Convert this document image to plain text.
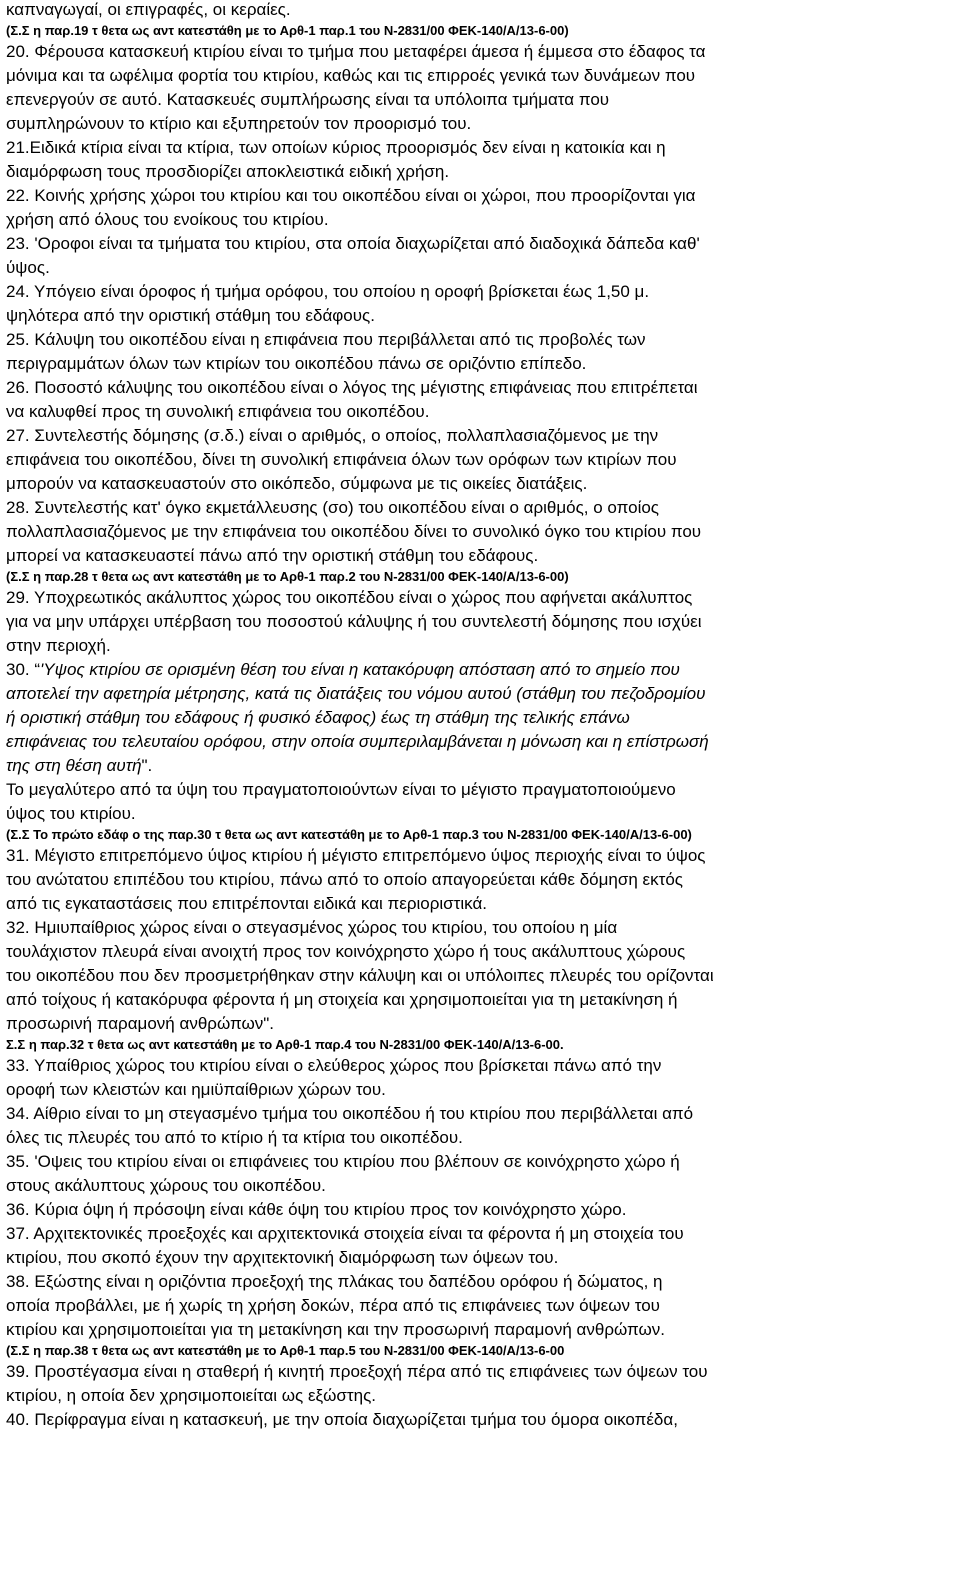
καπναγωγαί, οι επιγραφές, οι κεραίες.
(Σ.Σ η παρ.19 τ θετα ως αντ κατεστάθη με το Αρθ-1 παρ.1 του Ν-2831/00 ΦΕΚ-140/Α/13-6-00)
20. Φέρουσα κατασκευή κτιρίου είναι το τμήμα που μεταφέρει άμεσα ή έμμεσα στο έδαφος τα
μόνιμα και τα ωφέλιμα φορτία του κτιρίου, καθώς και τις επιρροές γενικά των δυνάμεων που
επενεργούν σε αυτό. Κατασκευές συμπλήρωσης είναι τα υπόλοιπα τμήματα που
συμπληρώνουν το κτίριο και εξυπηρετούν τον προορισμό του.
21.Ειδικά κτίρια είναι τα κτίρια, των οποίων κύριος προορισμός δεν είναι η κατοικία και η
διαμόρφωση τους προσδιορίζει αποκλειστικά ειδική χρήση.
22. Κοινής χρήσης χώροι του κτιρίου και του οικοπέδου είναι οι χώροι, που προορίζονται για
χρήση από όλους του ενοίκους του κτιρίου.
23. 'Οροφοι είναι τα τμήματα του κτιρίου, στα οποία διαχωρίζεται από διαδοχικά δάπεδα καθ'
ύψος.
24. Υπόγειο είναι όροφος ή τμήμα ορόφου, του οποίου η οροφή βρίσκεται έως 1,50 μ.
ψηλότερα από την οριστική στάθμη του εδάφους.
25. Κάλυψη του οικοπέδου είναι η επιφάνεια που περιβάλλεται από τις προβολές των
περιγραμμάτων όλων των κτιρίων του οικοπέδου πάνω σε οριζόντιο επίπεδο.
26. Ποσοστό κάλυψης του οικοπέδου είναι ο λόγος της μέγιστης επιφάνειας που επιτρέπεται
να καλυφθεί προς τη συνολική επιφάνεια του οικοπέδου.
27. Συντελεστής δόμησης (σ.δ.) είναι ο αριθμός, ο οποίος, πολλαπλασιαζόμενος με την
επιφάνεια του οικοπέδου, δίνει τη συνολική επιφάνεια όλων των ορόφων των κτιρίων που
μπορούν να κατασκευαστούν στο οικόπεδο, σύμφωνα με τις οικείες διατάξεις.
28. Συντελεστής κατ' όγκο εκμετάλλευσης (σο) του οικοπέδου είναι ο αριθμός, ο οποίος
πολλαπλασιαζόμενος με την επιφάνεια του οικοπέδου δίνει το συνολικό όγκο του κτιρίου που
μπορεί να κατασκευαστεί πάνω από την οριστική στάθμη του εδάφους.
(Σ.Σ η παρ.28 τ θετα ως αντ κατεστάθη με το Αρθ-1 παρ.2 του Ν-2831/00 ΦΕΚ-140/Α/13-6-00)
29. Υποχρεωτικός ακάλυπτος χώρος του οικοπέδου είναι ο χώρος που αφήνεται ακάλυπτος
για να μην υπάρχει υπέρβαση του ποσοστού κάλυψης ή του συντελεστή δόμησης που ισχύει
στην περιοχή.
30. “'Υψος κτιρίου σε ορισμένη θέση του είναι η κατακόρυφη απόσταση από το σημείο που
αποτελεί την αφετηρία μέτρησης, κατά τις διατάξεις του νόμου αυτού (στάθμη του πεζοδρομίου
ή οριστική στάθμη του εδάφους ή φυσικό έδαφος) έως τη στάθμη της τελικής επάνω
επιφάνειας του τελευταίου ορόφου, στην οποία συμπεριλαμβάνεται η μόνωση και η επίστρωσή
της στη θέση αυτή".
Το μεγαλύτερο από τα ύψη του πραγματοποιούντων είναι το μέγιστο πραγματοποιούμενο
ύψος του κτιρίου.
(Σ.Σ Το πρώτο εδάφ ο της παρ.30 τ θετα ως αντ κατεστάθη με το Αρθ-1 παρ.3 του Ν-2831/00 ΦΕΚ-140/Α/13-6-00)
31. Μέγιστο επιτρεπόμενο ύψος κτιρίου ή μέγιστο επιτρεπόμενο ύψος περιοχής είναι το ύψος
του ανώτατου επιπέδου του κτιρίου, πάνω από το οποίο απαγορεύεται κάθε δόμηση εκτός
από τις εγκαταστάσεις που επιτρέπονται ειδικά και περιοριστικά.
32. Ημιυπαίθριος χώρος είναι ο στεγασμένος χώρος του κτιρίου, του οποίου η μία
τουλάχιστον πλευρά είναι ανοιχτή προς τον κοινόχρηστο χώρο ή τους ακάλυπτους χώρους
του οικοπέδου που δεν προσμετρήθηκαν στην κάλυψη και οι υπόλοιπες πλευρές του ορίζονται
από τοίχους ή κατακόρυφα φέροντα ή μη στοιχεία και χρησιμοποιείται για τη μετακίνηση ή
προσωρινή παραμονή ανθρώπων".
Σ.Σ η παρ.32 τ θετα ως αντ κατεστάθη με το Αρθ-1 παρ.4 του Ν-2831/00 ΦΕΚ-140/Α/13-6-00.
33. Υπαίθριος χώρος του κτιρίου είναι ο ελεύθερος χώρος που βρίσκεται πάνω από την
οροφή των κλειστών και ημιϋπαίθριων χώρων του.
34. Αίθριο είναι το μη στεγασμένο τμήμα του οικοπέδου ή του κτιρίου που περιβάλλεται από
όλες τις πλευρές του από το κτίριο ή τα κτίρια του οικοπέδου.
35. 'Οψεις του κτιρίου είναι οι επιφάνειες του κτιρίου που βλέπουν σε κοινόχρηστο χώρο ή
στους ακάλυπτους χώρους του οικοπέδου.
36. Κύρια όψη ή πρόσοψη είναι κάθε όψη του κτιρίου προς τον κοινόχρηστο χώρο.
37. Αρχιτεκτονικές προεξοχές και αρχιτεκτονικά στοιχεία είναι τα φέροντα ή μη στοιχεία του
κτιρίου, που σκοπό έχουν την αρχιτεκτονική διαμόρφωση των όψεων του.
38. Εξώστης είναι η οριζόντια προεξοχή της πλάκας του δαπέδου ορόφου ή δώματος, η
οποία προβάλλει, με ή χωρίς τη χρήση δοκών, πέρα από τις επιφάνειες των όψεων του
κτιρίου και χρησιμοποιείται για τη μετακίνηση και την προσωρινή παραμονή ανθρώπων.
(Σ.Σ η παρ.38 τ θετα ως αντ κατεστάθη με το Αρθ-1 παρ.5 του Ν-2831/00 ΦΕΚ-140/Α/13-6-00
39. Προστέγασμα είναι η σταθερή ή κινητή προεξοχή πέρα από τις επιφάνειες των όψεων του
κτιρίου, η οποία δεν χρησιμοποιείται ως εξώστης.
40. Περίφραγμα είναι η κατασκευή, με την οποία διαχωρίζεται τμήμα του όμορα οικοπέδα,
